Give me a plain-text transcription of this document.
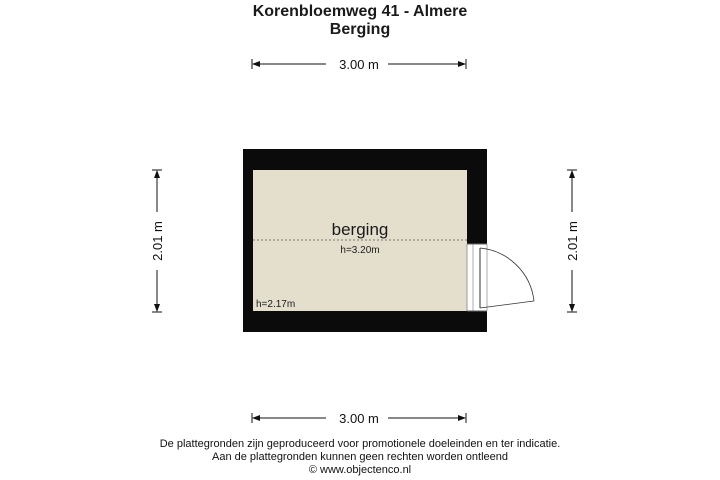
Korenbloemweg 41 - Almere
Berging
3.00 m
3.00 m
2.01 m	2.01 m
berging
h=3.20m
h=2.17m
De plattegronden zijn geproduceerd voor promotionele doeleinden en ter indicatie.
Aan de plattegronden kunnen geen rechten worden ontleend
© www.objectenco.nl
